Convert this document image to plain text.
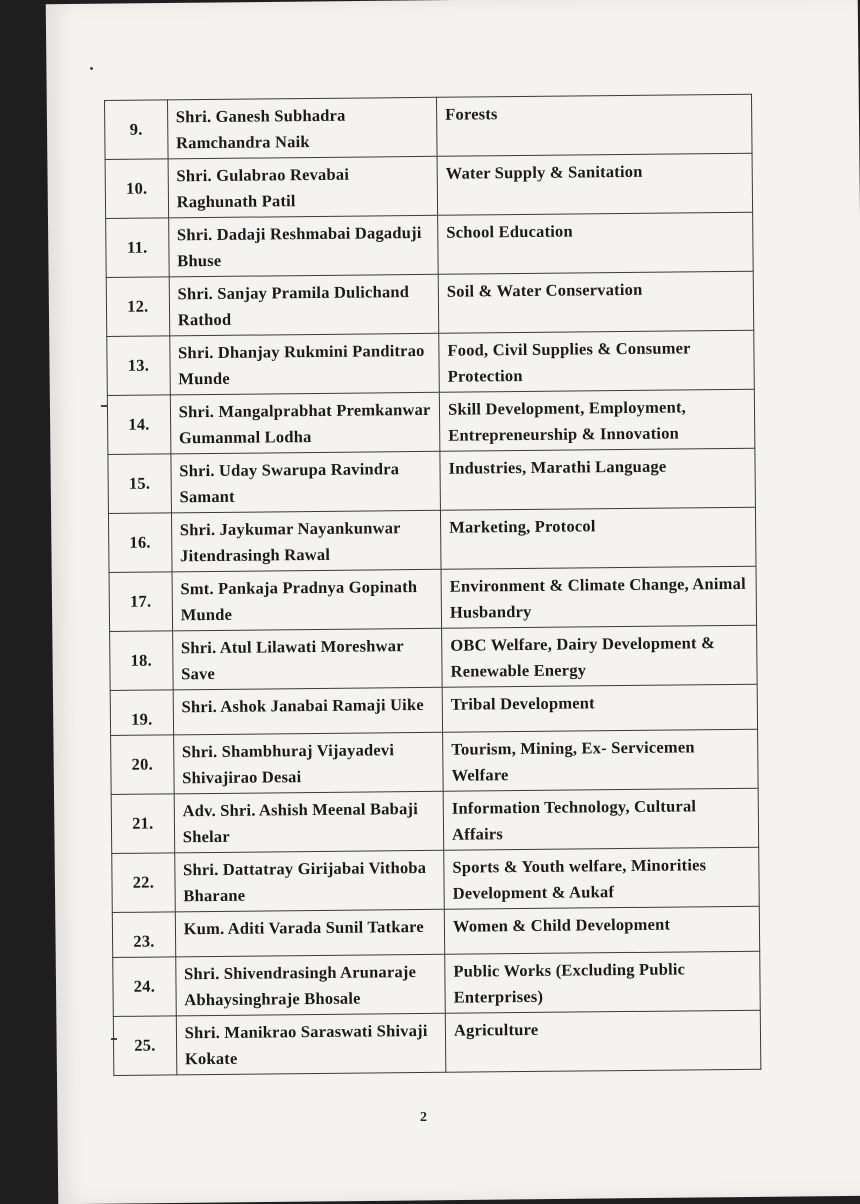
9.	Shri. Ganesh Subhadra Ramchandra Naik	Forests
10.	Shri. Gulabrao Revabai Raghunath Patil	Water Supply & Sanitation
11.	Shri. Dadaji Reshmabai Dagaduji Bhuse	School Education
12.	Shri. Sanjay Pramila Dulichand Rathod	Soil & Water Conservation
13.	Shri. Dhanjay Rukmini Panditrao Munde	Food, Civil Supplies & Consumer Protection
14.	Shri. Mangalprabhat Premkanwar Gumanmal Lodha	Skill Development, Employment, Entrepreneurship & Innovation
15.	Shri. Uday Swarupa Ravindra Samant	Industries, Marathi Language
16.	Shri. Jaykumar Nayankunwar Jitendrasingh Rawal	Marketing, Protocol
17.	Smt. Pankaja Pradnya Gopinath Munde	Environment & Climate Change, Animal Husbandry
18.	Shri. Atul Lilawati Moreshwar Save	OBC Welfare, Dairy Development & Renewable Energy
19.	Shri. Ashok Janabai Ramaji Uike	Tribal Development
20.	Shri. Shambhuraj Vijayadevi Shivajirao Desai	Tourism, Mining, Ex- Servicemen Welfare
21.	Adv. Shri. Ashish Meenal Babaji Shelar	Information Technology, Cultural Affairs
22.	Shri. Dattatray Girijabai Vithoba Bharane	Sports & Youth welfare, Minorities Development & Aukaf
23.	Kum. Aditi Varada Sunil Tatkare	Women & Child Development
24.	Shri. Shivendrasingh Arunaraje Abhaysinghraje Bhosale	Public Works (Excluding Public Enterprises)
25.	Shri. Manikrao Saraswati Shivaji Kokate	Agriculture
2
